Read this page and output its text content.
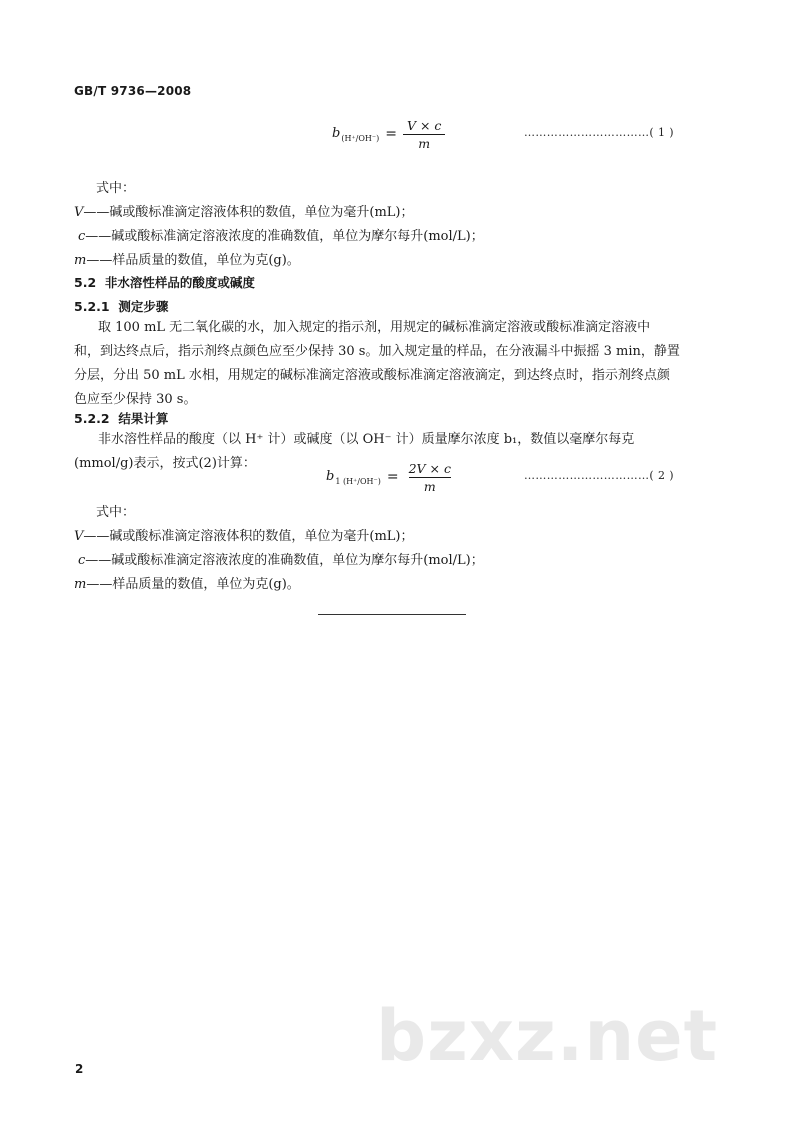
GB/T 9736—2008
$b_{(H^+/OH^-)} = \frac{V \times c}{m}$	……………………………( 1 )
式中：
V——碱或酸标准滴定溶液体积的数值，单位为毫升(mL)；
c——碱或酸标准滴定溶液浓度的准确数值，单位为摩尔每升(mol/L)；
m——样品质量的数值，单位为克(g)。
5.2 非水溶性样品的酸度或碱度
5.2.1 测定步骤

取 100 mL 无二氧化碳的水，加入规定的指示剂，用规定的碱标准滴定溶液或酸标准滴定溶液中

和，到达终点后，指示剂终点颜色应至少保持 30 s。加入规定量的样品，在分液漏斗中振摇 3 min，静置

分层，分出 50 mL 水相，用规定的碱标准滴定溶液或酸标准滴定溶液滴定，到达终点时，指示剂终点颜

色应至少保持 30 s。

5.2.2 结果计算

非水溶性样品的酸度（以 H⁺ 计）或碱度（以 OH⁻ 计）质量摩尔浓度 b₁，数值以毫摩尔每克

(mmol/g)表示，按式(2)计算：

$b_{1 (H^+/OH^-)} = \frac{2V \times c}{m}$	……………………………( 2 )
式中：
V——碱或酸标准滴定溶液体积的数值，单位为毫升(mL)；
c——碱或酸标准滴定溶液浓度的准确数值，单位为摩尔每升(mol/L)；
m——样品质量的数值，单位为克(g)。
bzxz.net
2
